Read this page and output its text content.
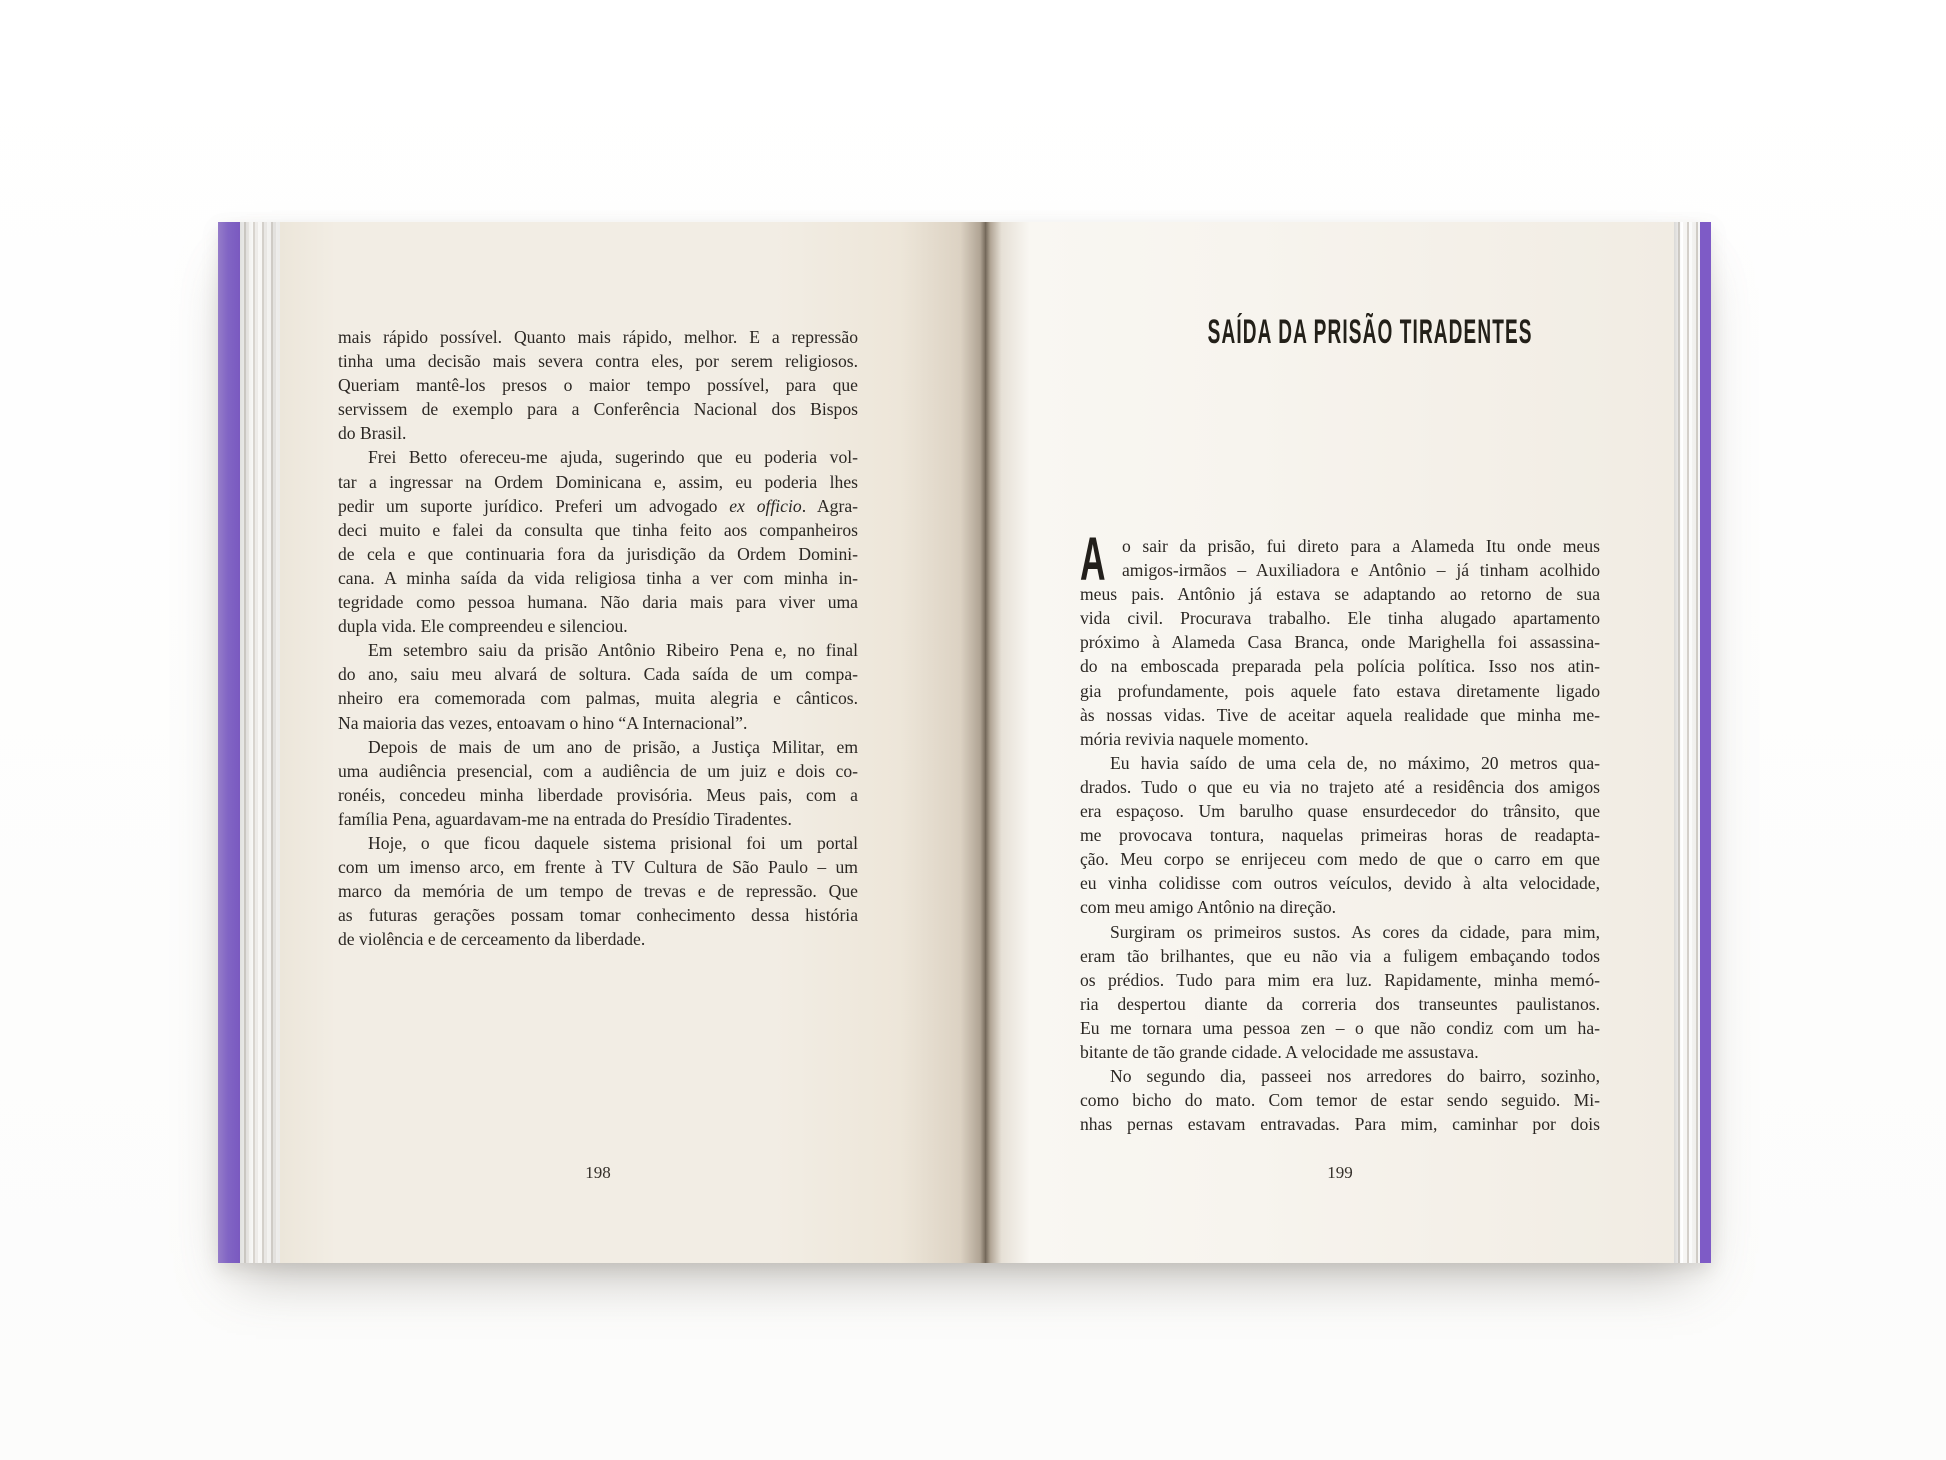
mais rápido possível. Quanto mais rápido, melhor. E a repressão
tinha uma decisão mais severa contra eles, por serem religiosos.
Queriam mantê-los presos o maior tempo possível, para que
servissem de exemplo para a Conferência Nacional dos Bispos
do Brasil.
Frei Betto ofereceu-me ajuda, sugerindo que eu poderia vol-
tar a ingressar na Ordem Dominicana e, assim, eu poderia lhes
pedir um suporte jurídico. Preferi um advogado ex officio. Agra-
deci muito e falei da consulta que tinha feito aos companheiros
de cela e que continuaria fora da jurisdição da Ordem Domini-
cana. A minha saída da vida religiosa tinha a ver com minha in-
tegridade como pessoa humana. Não daria mais para viver uma
dupla vida. Ele compreendeu e silenciou.
Em setembro saiu da prisão Antônio Ribeiro Pena e, no final
do ano, saiu meu alvará de soltura. Cada saída de um compa-
nheiro era comemorada com palmas, muita alegria e cânticos.
Na maioria das vezes, entoavam o hino “A Internacional”.
Depois de mais de um ano de prisão, a Justiça Militar, em
uma audiência presencial, com a audiência de um juiz e dois co-
ronéis, concedeu minha liberdade provisória. Meus pais, com a
família Pena, aguardavam-me na entrada do Presídio Tiradentes.
Hoje, o que ficou daquele sistema prisional foi um portal
com um imenso arco, em frente à TV Cultura de São Paulo – um
marco da memória de um tempo de trevas e de repressão. Que
as futuras gerações possam tomar conhecimento dessa história
de violência e de cerceamento da liberdade.
198
SAÍDA DA PRISÃO TIRADENTES
A o sair da prisão, fui direto para a Alameda Itu onde meus
amigos-irmãos – Auxiliadora e Antônio – já tinham acolhido
meus pais. Antônio já estava se adaptando ao retorno de sua
vida civil. Procurava trabalho. Ele tinha alugado apartamento
próximo à Alameda Casa Branca, onde Marighella foi assassina-
do na emboscada preparada pela polícia política. Isso nos atin-
gia profundamente, pois aquele fato estava diretamente ligado
às nossas vidas. Tive de aceitar aquela realidade que minha me-
mória revivia naquele momento.
Eu havia saído de uma cela de, no máximo, 20 metros qua-
drados. Tudo o que eu via no trajeto até a residência dos amigos
era espaçoso. Um barulho quase ensurdecedor do trânsito, que
me provocava tontura, naquelas primeiras horas de readapta-
ção. Meu corpo se enrijeceu com medo de que o carro em que
eu vinha colidisse com outros veículos, devido à alta velocidade,
com meu amigo Antônio na direção.
Surgiram os primeiros sustos. As cores da cidade, para mim,
eram tão brilhantes, que eu não via a fuligem embaçando todos
os prédios. Tudo para mim era luz. Rapidamente, minha memó-
ria despertou diante da correria dos transeuntes paulistanos.
Eu me tornara uma pessoa zen – o que não condiz com um ha-
bitante de tão grande cidade. A velocidade me assustava.
No segundo dia, passeei nos arredores do bairro, sozinho,
como bicho do mato. Com temor de estar sendo seguido. Mi-
nhas pernas estavam entravadas. Para mim, caminhar por dois
199
